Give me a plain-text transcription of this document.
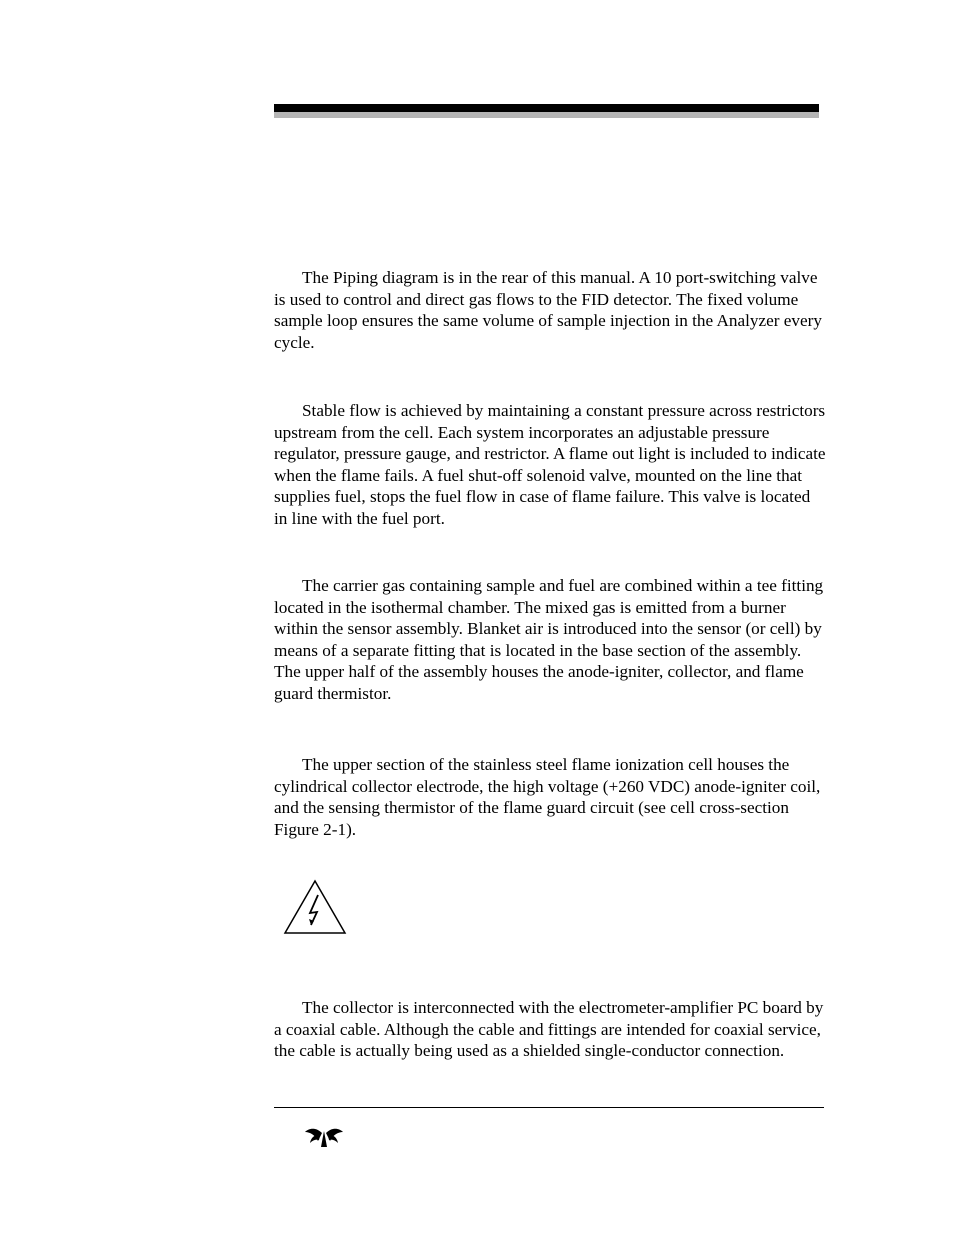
The Piping diagram is in the rear of this manual. A 10 port-switching valve is used to control and direct gas flows to the FID detector. The fixed volume sample loop ensures the same volume of sample injection in the Analyzer every cycle.

Stable flow is achieved by maintaining a constant pressure across restrictors upstream from the cell. Each system incorporates an adjustable pressure regulator, pressure gauge, and restrictor. A flame out light is included to indicate when the flame fails. A fuel shut-off solenoid valve, mounted on the line that supplies fuel, stops the fuel flow in case of flame failure. This valve is located in line with the fuel port.

The carrier gas containing sample and fuel are combined within a tee fitting located in the isothermal chamber. The mixed gas is emitted from a burner within the sensor assembly. Blanket air is introduced into the sensor (or cell) by means of a separate fitting that is located in the base section of the assembly. The upper half of the assembly houses the anode-igniter, collector, and flame guard thermistor.

The upper section of the stainless steel flame ionization cell houses the cylindrical collector electrode, the high voltage (+260 VDC) anode-igniter coil, and the sensing thermistor of the flame guard circuit (see cell cross-section Figure 2-1).

The collector is interconnected with the electrometer-amplifier PC board by a coaxial cable. Although the cable and fittings are intended for coaxial service, the cable is actually being used as a shielded single-conductor connection.
